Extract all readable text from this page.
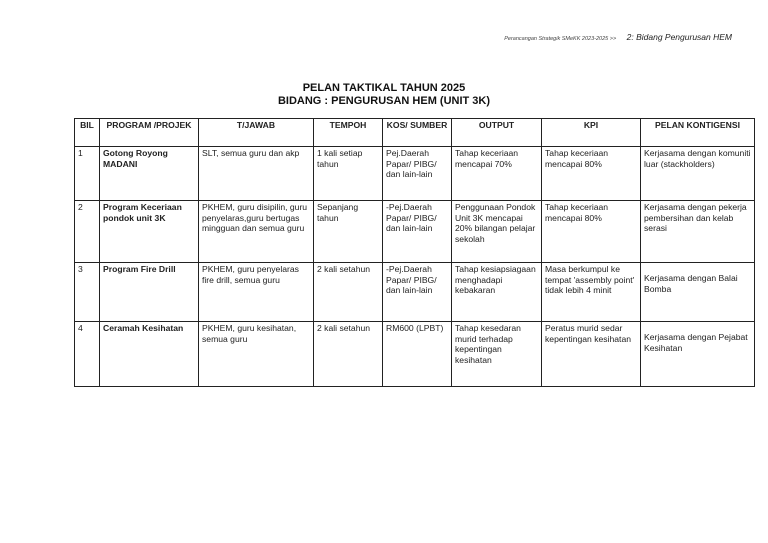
Perancangan Strategik SMeKK 2023-2025 >> 2: Bidang Pengurusan HEM
PELAN TAKTIKAL TAHUN 2025
BIDANG : PENGURUSAN HEM (UNIT 3K)
BIL	PROGRAM /PROJEK	T/JAWAB	TEMPOH	KOS/ SUMBER	OUTPUT	KPI	PELAN KONTIGENSI
1	Gotong Royong MADANI	SLT, semua guru dan akp	1 kali setiap tahun	Pej.Daerah Papar/ PIBG/ dan lain-lain	Tahap keceriaan mencapai 70%	Tahap keceriaan mencapai 80%	Kerjasama dengan komuniti luar (stackholders)
2	Program Keceriaan pondok unit 3K	PKHEM, guru disipilin, guru penyelaras,guru bertugas mingguan dan semua guru	Sepanjang tahun	-Pej.Daerah Papar/ PIBG/ dan lain-lain	Penggunaan Pondok Unit 3K mencapai 20% bilangan pelajar sekolah	Tahap keceriaan mencapai 80%	Kerjasama dengan pekerja pembersihan dan kelab serasi
3	Program Fire Drill	PKHEM, guru penyelaras fire drill, semua guru	2 kali setahun	-Pej.Daerah Papar/ PIBG/ dan lain-lain	Tahap kesiapsiagaan menghadapi kebakaran	Masa berkumpul ke tempat 'assembly point' tidak lebih 4 minit	Kerjasama dengan Balai Bomba
4	Ceramah Kesihatan	PKHEM, guru kesihatan, semua guru	2 kali setahun	RM600 (LPBT)	Tahap kesedaran murid terhadap kepentingan kesihatan	Peratus murid sedar kepentingan kesihatan	Kerjasama dengan Pejabat Kesihatan
